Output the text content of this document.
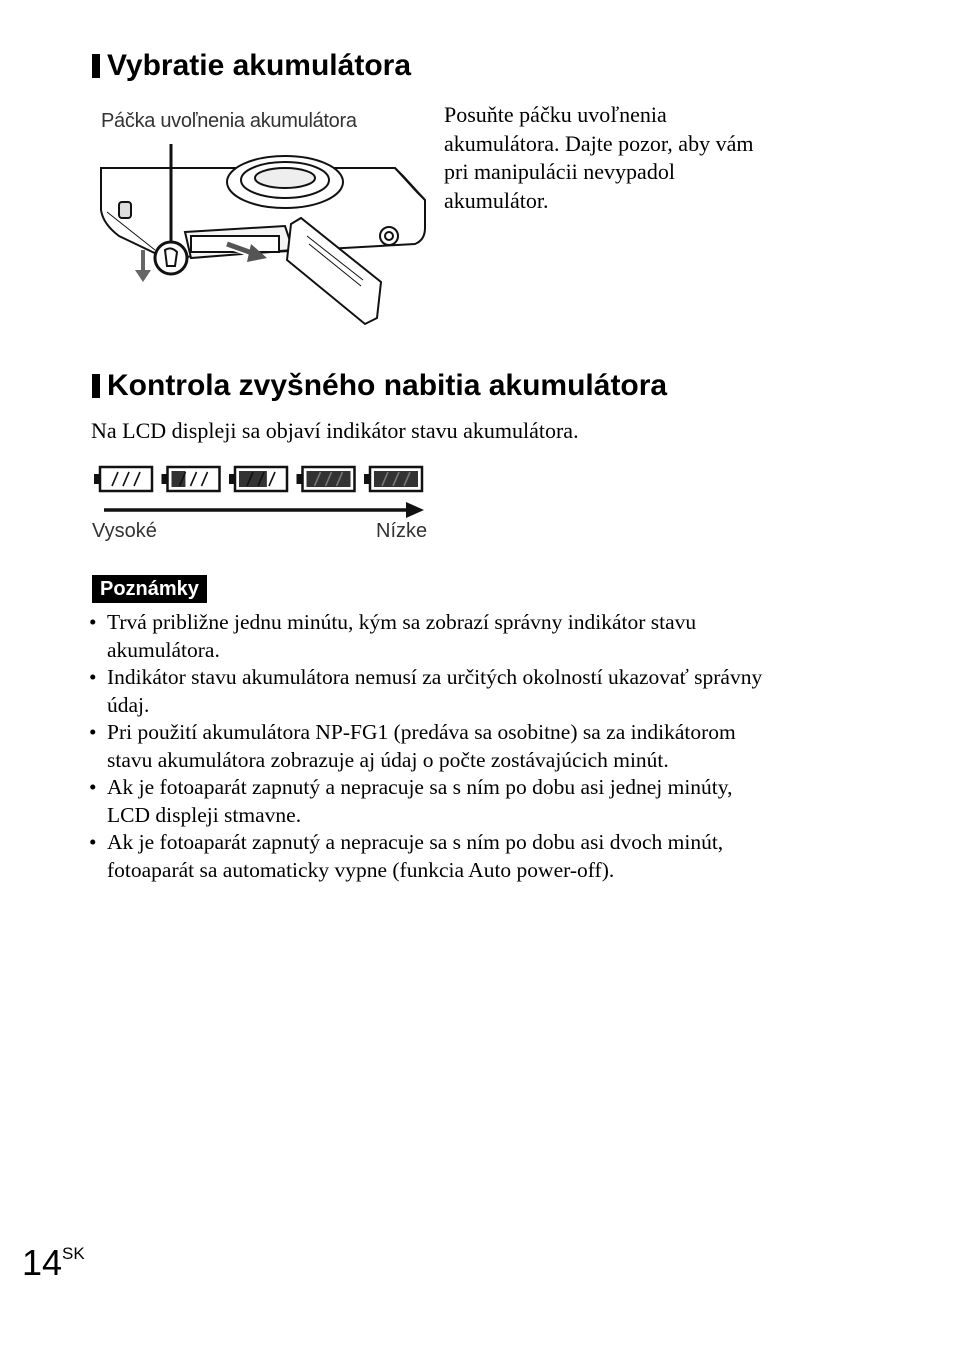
Vybratie akumulátora
Páčka uvoľnenia akumulátora	Posuňte páčku uvoľnenia
akumulátora. Dajte pozor, aby vám
pri manipulácii nevypadol
akumulátor.
Kontrola zvyšného nabitia akumulátora
Na LCD displeji sa objaví indikátor stavu akumulátora.
Vysoké	Nízke
Poznámky
• Trvá približne jednu minútu, kým sa zobrazí správny indikátor stavu
akumulátora.
• Indikátor stavu akumulátora nemusí za určitých okolností ukazovať správny
údaj.
• Pri použití akumulátora NP-FG1 (predáva sa osobitne) sa za indikátorom
stavu akumulátora zobrazuje aj údaj o počte zostávajúcich minút.
• Ak je fotoaparát zapnutý a nepracuje sa s ním po dobu asi jednej minúty,
LCD displeji stmavne.
• Ak je fotoaparát zapnutý a nepracuje sa s ním po dobu asi dvoch minút,
fotoaparát sa automaticky vypne (funkcia Auto power-off).
$14^{SK}$
